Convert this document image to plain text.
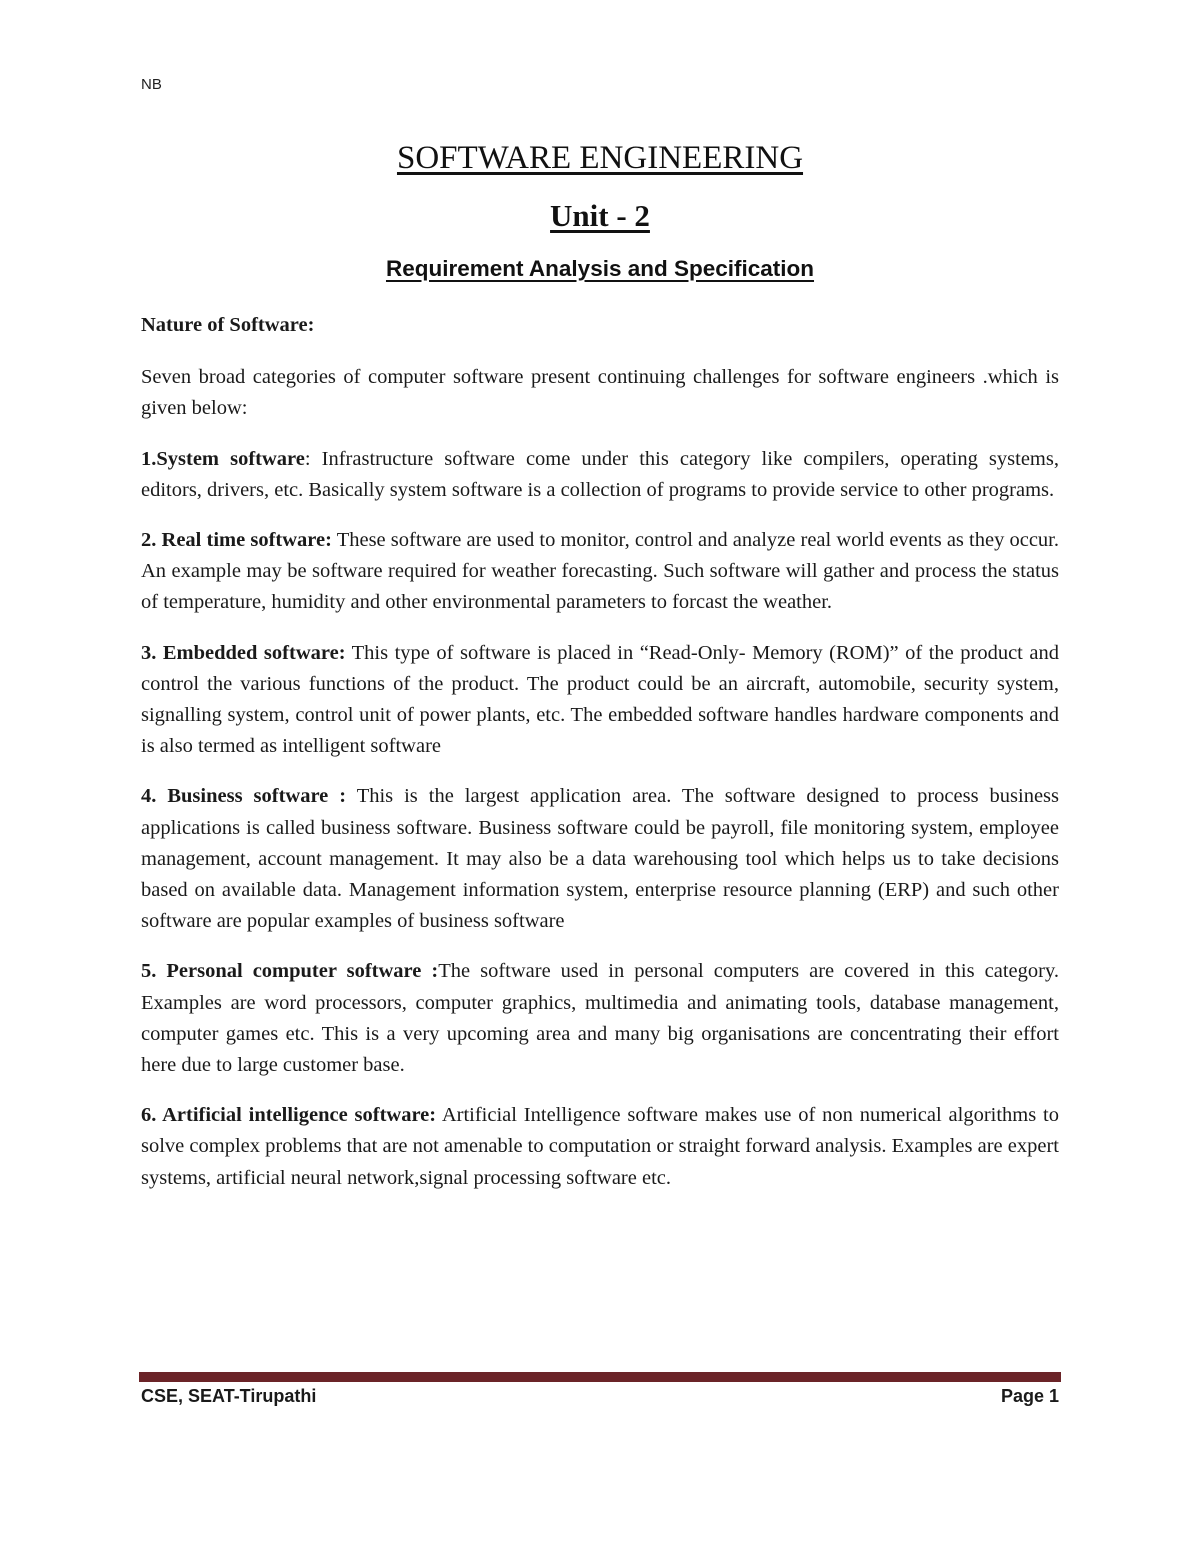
NB
SOFTWARE ENGINEERING
Unit - 2
Requirement Analysis and Specification

Nature of Software:

Seven broad categories of computer software present continuing challenges for software engineers .which is given below:

1.System software: Infrastructure software come under this category like compilers, operating systems, editors, drivers, etc. Basically system software is a collection of programs to provide service to other programs.

2. Real time software: These software are used to monitor, control and analyze real world events as they occur. An example may be software required for weather forecasting. Such software will gather and process the status of temperature, humidity and other environmental parameters to forcast the weather.

3. Embedded software: This type of software is placed in “Read-Only- Memory (ROM)” of the product and control the various functions of the product. The product could be an aircraft, automobile, security system, signalling system, control unit of power plants, etc. The embedded software handles hardware components and is also termed as intelligent software

4. Business software : This is the largest application area. The software designed to process business applications is called business software. Business software could be payroll, file monitoring system, employee management, account management. It may also be a data warehousing tool which helps us to take decisions based on available data. Management information system, enterprise resource planning (ERP) and such other software are popular examples of business software

5. Personal computer software :The software used in personal computers are covered in this category. Examples are word processors, computer graphics, multimedia and animating tools, database management, computer games etc. This is a very upcoming area and many big organisations are concentrating their effort here due to large customer base.

6. Artificial intelligence software: Artificial Intelligence software makes use of non numerical algorithms to solve complex problems that are not amenable to computation or straight forward analysis. Examples are expert systems, artificial neural network,signal processing software etc.

CSE, SEAT-Tirupathi	Page 1
